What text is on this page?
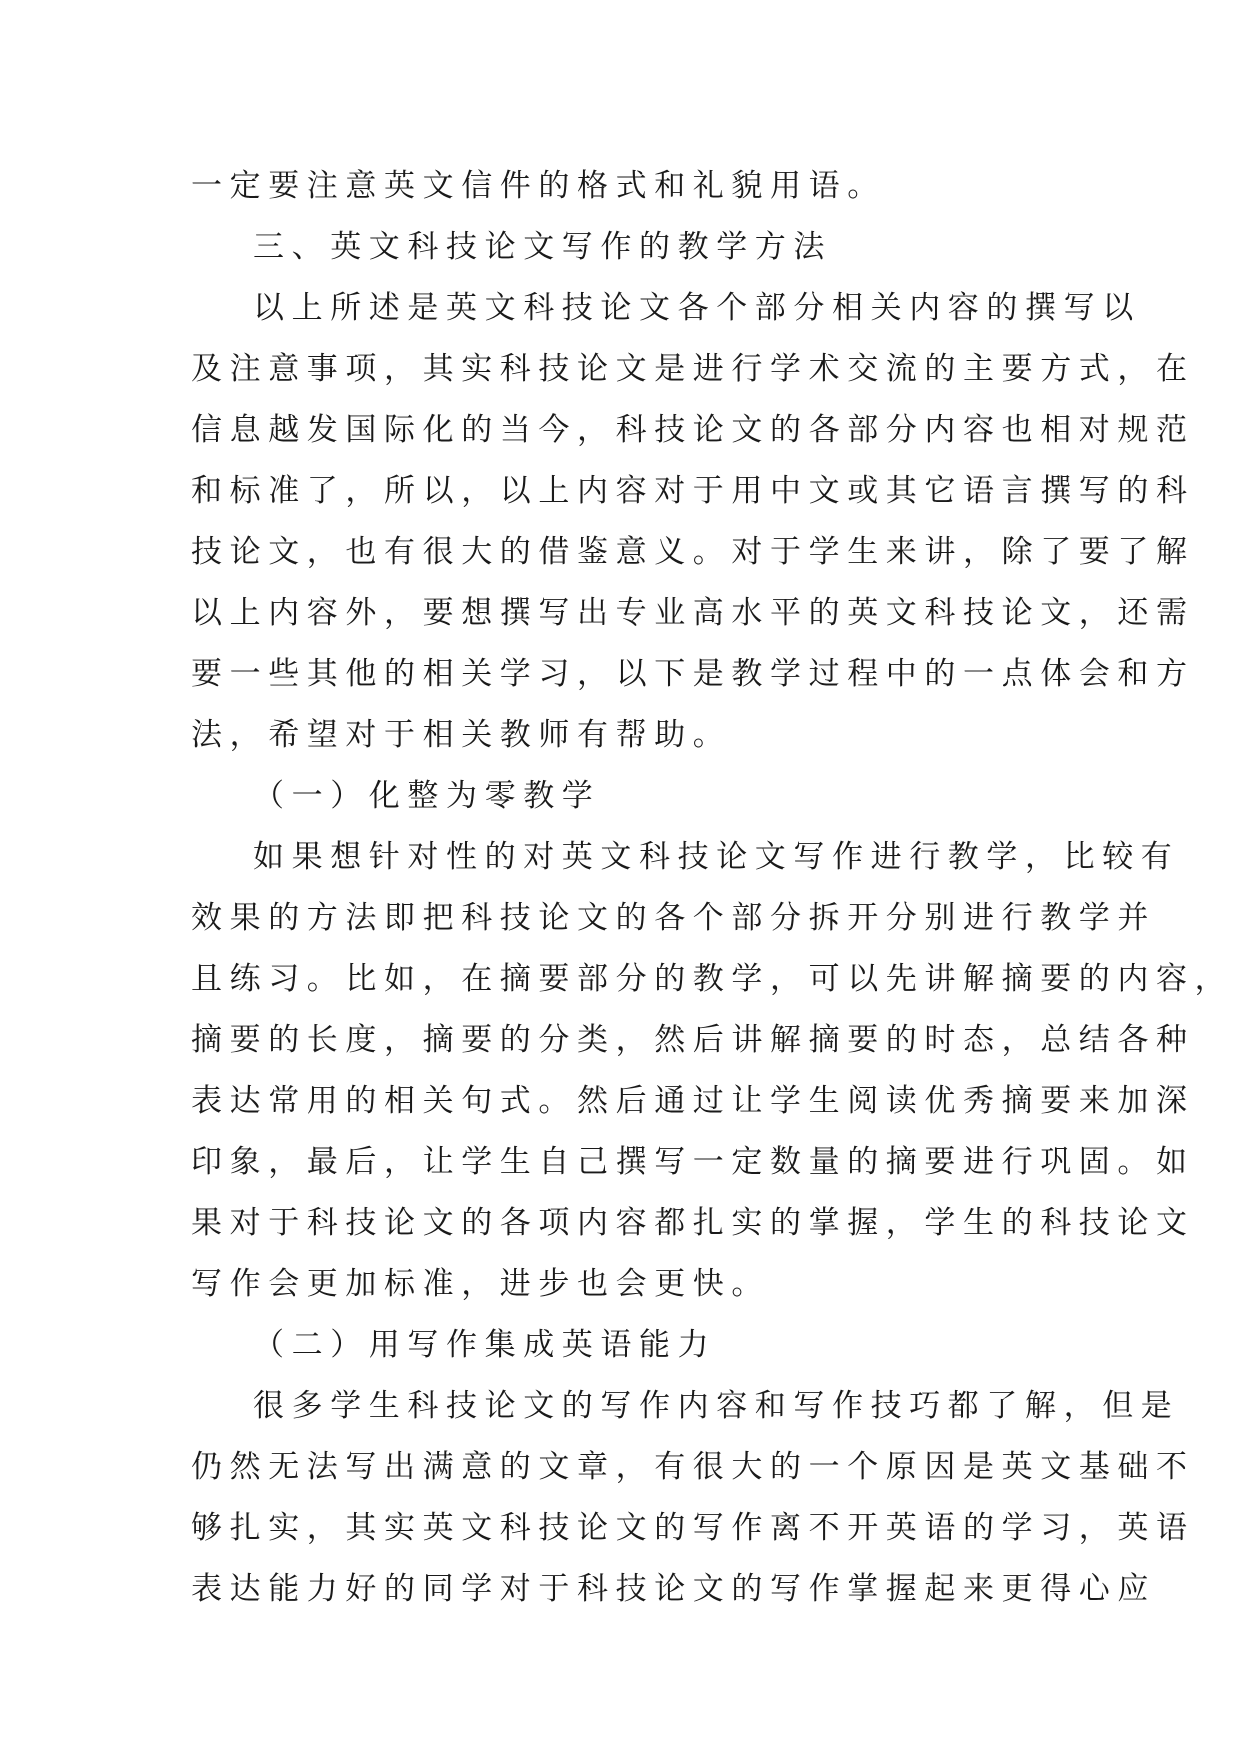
一定要注意英文信件的格式和礼貌用语。
三、英文科技论文写作的教学方法
以上所述是英文科技论文各个部分相关内容的撰写以
及注意事项，其实科技论文是进行学术交流的主要方式，在
信息越发国际化的当今，科技论文的各部分内容也相对规范
和标准了，所以，以上内容对于用中文或其它语言撰写的科
技论文，也有很大的借鉴意义。对于学生来讲，除了要了解
以上内容外，要想撰写出专业高水平的英文科技论文，还需
要一些其他的相关学习，以下是教学过程中的一点体会和方
法，希望对于相关教师有帮助。
（一）化整为零教学
如果想针对性的对英文科技论文写作进行教学，比较有
效果的方法即把科技论文的各个部分拆开分别进行教学并
且练习。比如，在摘要部分的教学，可以先讲解摘要的内容，
摘要的长度，摘要的分类，然后讲解摘要的时态，总结各种
表达常用的相关句式。然后通过让学生阅读优秀摘要来加深
印象，最后，让学生自己撰写一定数量的摘要进行巩固。如
果对于科技论文的各项内容都扎实的掌握，学生的科技论文
写作会更加标准，进步也会更快。
（二）用写作集成英语能力
很多学生科技论文的写作内容和写作技巧都了解，但是
仍然无法写出满意的文章，有很大的一个原因是英文基础不
够扎实，其实英文科技论文的写作离不开英语的学习，英语
表达能力好的同学对于科技论文的写作掌握起来更得心应
